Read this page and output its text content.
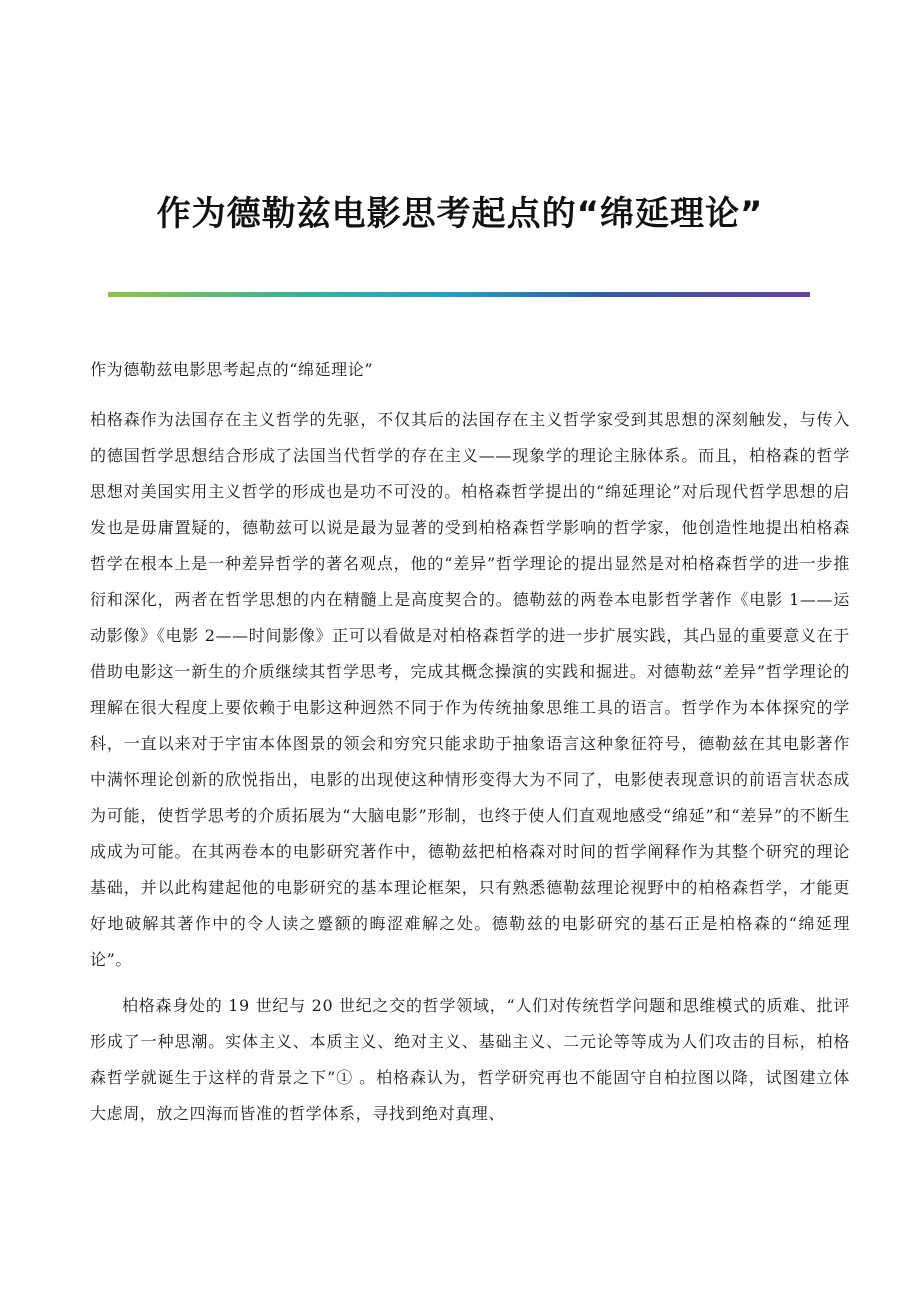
作为德勒兹电影思考起点的“绵延理论”

作为德勒兹电影思考起点的“绵延理论”

柏格森作为法国存在主义哲学的先驱，不仅其后的法国存在主义哲学家受到其思想的深刻触发，与传入的德国哲学思想结合形成了法国当代哲学的存在主义——现象学的理论主脉体系。而且，柏格森的哲学思想对美国实用主义哲学的形成也是功不可没的。柏格森哲学提出的“绵延理论”对后现代哲学思想的启发也是毋庸置疑的，德勒兹可以说是最为显著的受到柏格森哲学影响的哲学家，他创造性地提出柏格森哲学在根本上是一种差异哲学的著名观点，他的“差异”哲学理论的提出显然是对柏格森哲学的进一步推衍和深化，两者在哲学思想的内在精髓上是高度契合的。德勒兹的两卷本电影哲学著作《电影 1——运动影像》《电影 2——时间影像》正可以看做是对柏格森哲学的进一步扩展实践，其凸显的重要意义在于借助电影这一新生的介质继续其哲学思考，完成其概念操演的实践和掘进。对德勒兹“差异”哲学理论的理解在很大程度上要依赖于电影这种迥然不同于作为传统抽象思维工具的语言。哲学作为本体探究的学科，一直以来对于宇宙本体图景的领会和穷究只能求助于抽象语言这种象征符号，德勒兹在其电影著作中满怀理论创新的欣悦指出，电影的出现使这种情形变得大为不同了，电影使表现意识的前语言状态成为可能，使哲学思考的介质拓展为“大脑电影”形制，也终于使人们直观地感受“绵延”和“差异”的不断生成成为可能。在其两卷本的电影研究著作中，德勒兹把柏格森对时间的哲学阐释作为其整个研究的理论基础，并以此构建起他的电影研究的基本理论框架，只有熟悉德勒兹理论视野中的柏格森哲学，才能更好地破解其著作中的令人读之蹙额的晦涩难解之处。德勒兹的电影研究的基石正是柏格森的“绵延理论”。

柏格森身处的 19 世纪与 20 世纪之交的哲学领域，“人们对传统哲学问题和思维模式的质难、批评形成了一种思潮。实体主义、本质主义、绝对主义、基础主义、二元论等等成为人们攻击的目标，柏格森哲学就诞生于这样的背景之下”① 。柏格森认为，哲学研究再也不能固守自柏拉图以降，试图建立体大虑周，放之四海而皆准的哲学体系，寻找到绝对真理、
